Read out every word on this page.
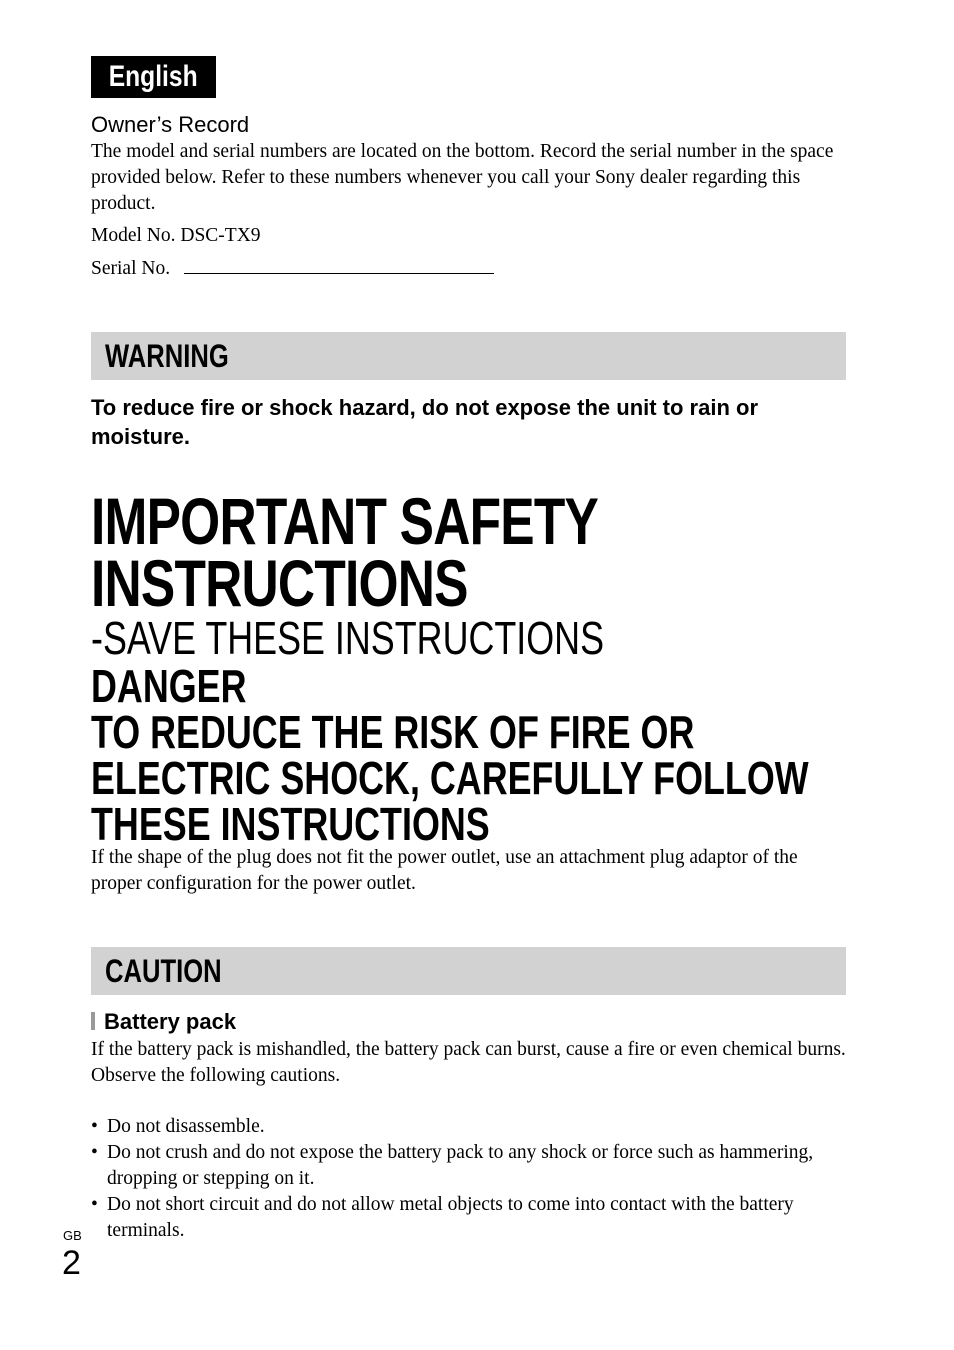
English
Owner’s Record
The model and serial numbers are located on the bottom. Record the serial number in the space provided below. Refer to these numbers whenever you call your Sony dealer regarding this product.
Model No. DSC-TX9
Serial No.
WARNING
To reduce fire or shock hazard, do not expose the unit to rain or moisture.
IMPORTANT SAFETY
INSTRUCTIONS
-SAVE THESE INSTRUCTIONS
DANGER
TO REDUCE THE RISK OF FIRE OR
ELECTRIC SHOCK, CAREFULLY FOLLOW
THESE INSTRUCTIONS
If the shape of the plug does not fit the power outlet, use an attachment plug adaptor of the proper configuration for the power outlet.
CAUTION
Battery pack
If the battery pack is mishandled, the battery pack can burst, cause a fire or even chemical burns. Observe the following cautions.
• Do not disassemble.
• Do not crush and do not expose the battery pack to any shock or force such as hammering, dropping or stepping on it.
• Do not short circuit and do not allow metal objects to come into contact with the battery terminals.
GB
2
